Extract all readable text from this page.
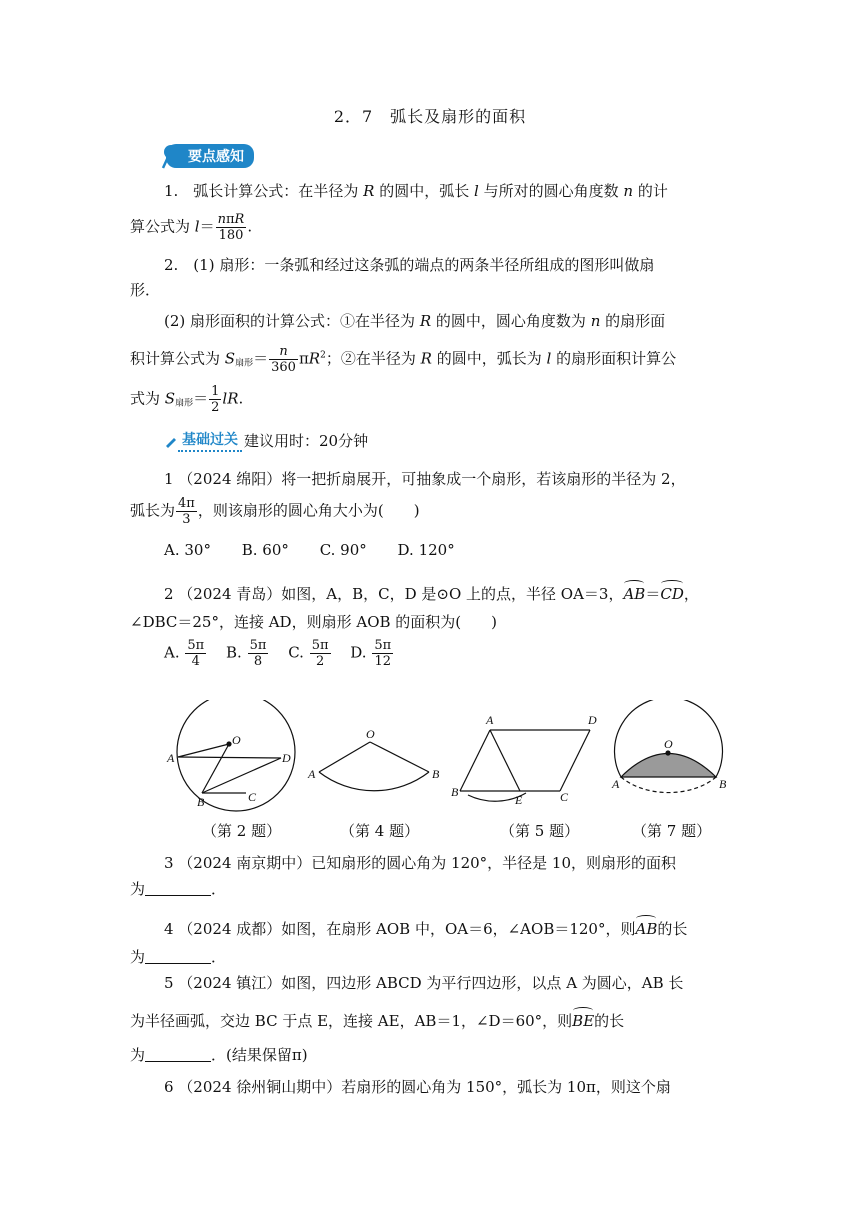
2．7　弧长及扇形的面积
要点感知
1.　弧长计算公式：在半径为 R 的圆中，弧长 l 与所对的圆心角度数 n 的计
算公式为 $l= \frac{\text{nπR}}{180}$ .
2.　(1) 扇形：一条弧和经过这条弧的端点的两条半径所组成的图形叫做扇
形．
(2) 扇形面积的计算公式：①在半径为 R 的圆中，圆心角度数为 n 的扇形面
积计算公式为 $S_{扇形}= \frac{n}{360} \pi R^2$；②在半径为 R 的圆中，弧长为 l 的扇形面积计算公
式为 $S_{扇形}= \frac{1}{2}$ lR.
基础过关 建议用时：20分钟
1 （2024 绵阳）将一把折扇展开，可抽象成一个扇形，若该扇形的半径为 2，
弧长为 $\frac{4\pi}{3}$ ，则该扇形的圆心角大小为(　　)
A. 30° B. 60° C. 90° D. 120°
2 （2024 青岛）如图，A，B，C，D 是⊙O 上的点，半径 OA＝3，AB＝CD，
∠DBC＝25°，连接 AD，则扇形 AOB 的面积为(　　)
A. $\frac{5\pi}{4} B$. $\frac{5\pi}{8} C$. $\frac{5\pi}{2} D$. $\frac{5\pi}{12}$
O
A	D
B	C
O
A	B
A	D
B
E	C
O
A	B
（第 2 题）	（第 4 题）	（第 5 题）	（第 7 题）
3 （2024 南京期中）已知扇形的圆心角为 120°，半径是 10，则扇形的面积
为	．
4 （2024 成都）如图，在扇形 AOB 中，OA＝6，∠AOB＝120°，则AB的长
为	．
5 （2024 镇江）如图，四边形 ABCD 为平行四边形，以点 A 为圆心，AB 长
为半径画弧，交边 BC 于点 E，连接 AE，AB＝1，∠D＝60°，则BE的长
为	．(结果保留π)
6 （2024 徐州铜山期中）若扇形的圆心角为 150°，弧长为 10π，则这个扇
